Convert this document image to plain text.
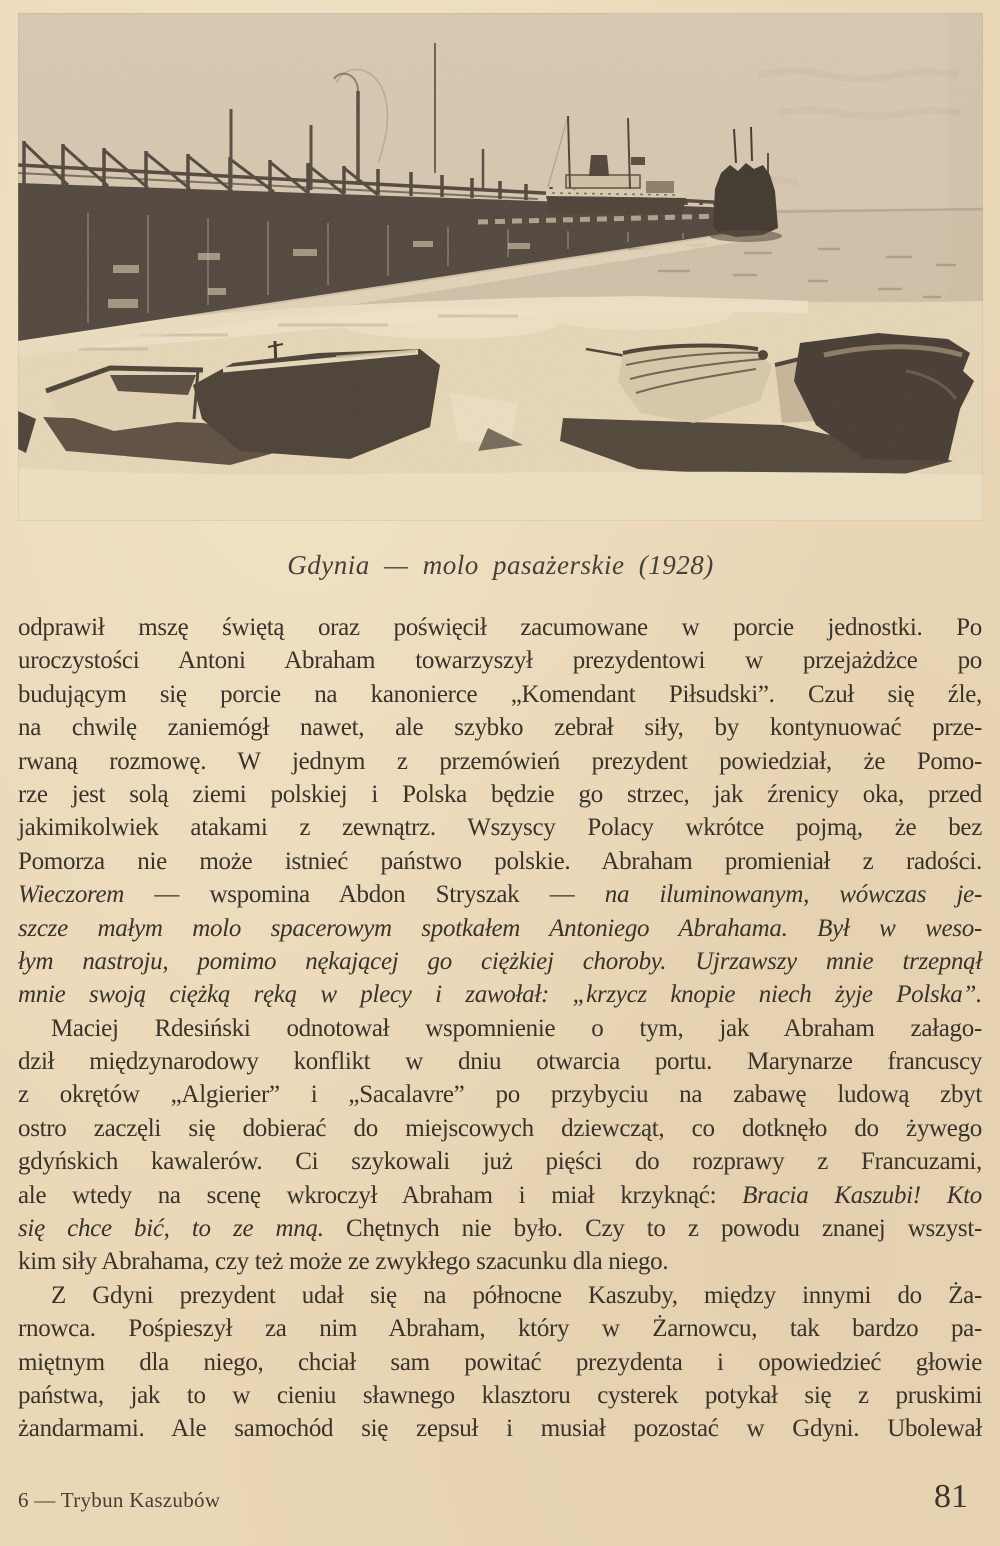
Gdynia — molo pasażerskie (1928)
odprawił mszę świętą oraz poświęcił zacumowane w porcie jednostki. Po
uroczystości Antoni Abraham towarzyszył prezydentowi w przejażdżce po
budującym się porcie na kanonierce „Komendant Piłsudski”. Czuł się źle,
na chwilę zaniemógł nawet, ale szybko zebrał siły, by kontynuować prze-
rwaną rozmowę. W jednym z przemówień prezydent powiedział, że Pomo-
rze jest solą ziemi polskiej i Polska będzie go strzec, jak źrenicy oka, przed
jakimikolwiek atakami z zewnątrz. Wszyscy Polacy wkrótce pojmą, że bez
Pomorza nie może istnieć państwo polskie. Abraham promieniał z radości.
Wieczorem — wspomina Abdon Stryszak — na iluminowanym, wówczas je-
szcze małym molo spacerowym spotkałem Antoniego Abrahama. Był w weso-
łym nastroju, pomimo nękającej go ciężkiej choroby. Ujrzawszy mnie trzepnął
mnie swoją ciężką ręką w plecy i zawołał: „krzycz knopie niech żyje Polska”.
Maciej Rdesiński odnotował wspomnienie o tym, jak Abraham załago-
dził międzynarodowy konflikt w dniu otwarcia portu. Marynarze francuscy
z okrętów „Algierier” i „Sacalavre” po przybyciu na zabawę ludową zbyt
ostro zaczęli się dobierać do miejscowych dziewcząt, co dotknęło do żywego
gdyńskich kawalerów. Ci szykowali już pięści do rozprawy z Francuzami,
ale wtedy na scenę wkroczył Abraham i miał krzyknąć: Bracia Kaszubi! Kto
się chce bić, to ze mną. Chętnych nie było. Czy to z powodu znanej wszyst-
kim siły Abrahama, czy też może ze zwykłego szacunku dla niego.
Z Gdyni prezydent udał się na północne Kaszuby, między innymi do Ża-
rnowca. Pośpieszył za nim Abraham, który w Żarnowcu, tak bardzo pa-
miętnym dla niego, chciał sam powitać prezydenta i opowiedzieć głowie
państwa, jak to w cieniu sławnego klasztoru cysterek potykał się z pruskimi
żandarmami. Ale samochód się zepsuł i musiał pozostać w Gdyni. Ubolewał
6 — Trybun Kaszubów	81
